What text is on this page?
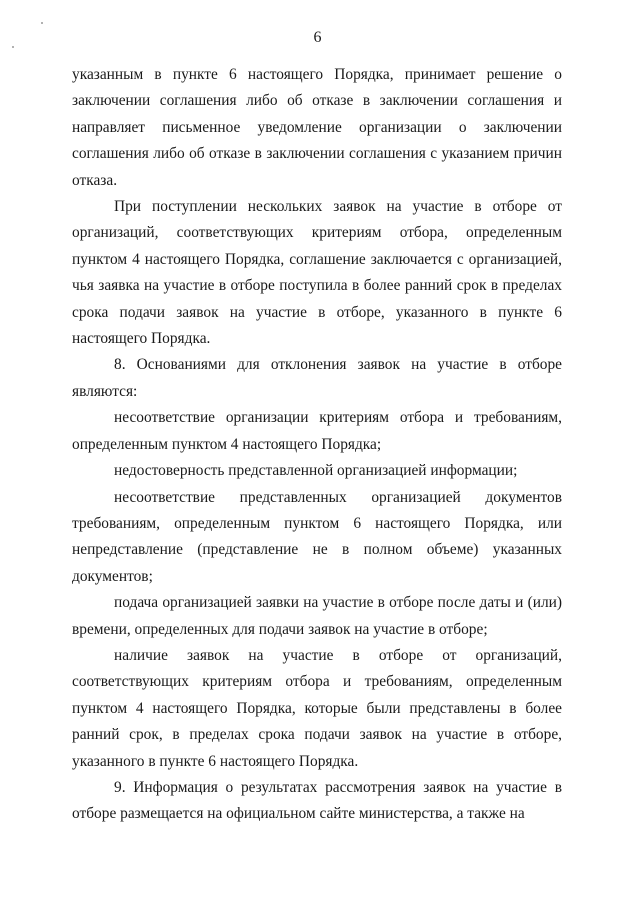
6

указанным в пункте 6 настоящего Порядка, принимает решение о заключении соглашения либо об отказе в заключении соглашения и направляет письменное уведомление организации о заключении соглашения либо об отказе в заключении соглашения с указанием причин отказа.

При поступлении нескольких заявок на участие в отборе от организаций, соответствующих критериям отбора, определенным пунктом 4 настоящего Порядка, соглашение заключается с организацией, чья заявка на участие в отборе поступила в более ранний срок в пределах срока подачи заявок на участие в отборе, указанного в пункте 6 настоящего Порядка.

8. Основаниями для отклонения заявок на участие в отборе являются:

несоответствие организации критериям отбора и требованиям, определенным пунктом 4 настоящего Порядка;

недостоверность представленной организацией информации;

несоответствие представленных организацией документов требованиям, определенным пунктом 6 настоящего Порядка, или непредставление (представление не в полном объеме) указанных документов;

подача организацией заявки на участие в отборе после даты и (или) времени, определенных для подачи заявок на участие в отборе;

наличие заявок на участие в отборе от организаций, соответствующих критериям отбора и требованиям, определенным пунктом 4 настоящего Порядка, которые были представлены в более ранний срок, в пределах срока подачи заявок на участие в отборе, указанного в пункте 6 настоящего Порядка.

9. Информация о результатах рассмотрения заявок на участие в отборе размещается на официальном сайте министерства, а также на
